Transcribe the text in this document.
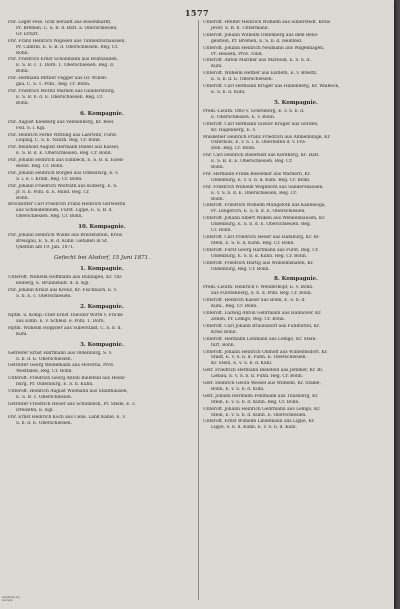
1577
Fhr. Legef Fess. Graf Beraldt aus Rosenmarkt,
Pr. Bremen, C. S. B. d. Batt. a. Oberschlesien,
Gr. Erfurt.
Fhr. Franz Heinrich Wigesen aus Tunnentschaussen,
Pr. Camrin, E. S. B. d. Oberschlesien. Reg. Cr.
Bonn.
Fhr. Friedrich Ernst Schönmann aus Bolzhauden,
E. S. B. c. 1. Dorn. 1. Oberschlesien. Reg. d.
Bonn.
Fhr. Hermann Bittner Fägger aus Gr. Willen-
gau, C. S. 1. Pöhl., Reg. Cr. Bonn.
Fhr. Friedrich Moritz Marxen aus Gunderzburg,
E. S. B. b. d. E. Oberschlesien. Reg. Cr.
Bonn.
6. Kompagnie.
Fhr. August Kleeberg aus Vennenberg, Kr. Beel.
Fsd. S. i. Kgl.
Fhr. Heinrich Ferne Wittling aus Laerwitz, Fürst.
Leipzig, C. S. b. Nauth. Reg. Cr. Bonn.
Fhr. Reinhold August Hermann Riebel aus Kassel,
E. S. B. d. E. Oberschlesien. Reg. Cr. Bonn.
Fhr. Johann Heinrich aus Eimbeck, E. S. B. d. Eisen-
Reine. Reg. Cr. Bonn.
Fhr. Johann Heinrich Borgen aus Oldenburg, E. v.
S. i. e. l. Kram. Reg. Cr. Bonn.
Fhr. Johann Friedrich Wolfrath aus Kolberg, E. S.
Jr. S. b. Pöhl. d. E. Bund. Reg. Cr.
Bonn.
Brocksitter Carl Friedrich Franz Heinrich Gerwestin
aus Schleidenheim, Fürst. Lippe, E. S. B. d.
Oberschlesien. Reg. Cr. Bonn.
10. Kompagnie.
Fhr. Johann Heinrich Wiebe aus Breitenstein, Kreis
Breisgau, E. S. B. d. Kühn. Gefallen in St.
Quentin am 19. Jan. 1871.
Gefecht bei Alsdorf, 15 Juni 1871.
1. Kompagnie.
Unteroff. Wilhelm Hoffmann aus Düllingen, Kr. Till-
lenberg, E. Brunnstadt. d. b. Kgl.
Fhr. Johann Krauz aus Kreuz, Kr. Fischbach, E. v.
S. b. E. c. Oberschlesien.
2. Kompagnie.
Hptm. u. Komp.-Chef Ernst Theodor Wirth v. Fricke
aus Eimb. E. v. Schleiz. e. Pöhl. 1. Dorn.
Hptm. Wilhelm Hoppner aus Silberstadt, C. S. b. d.
Kühl.
3. Kompagnie.
Gefreiter Ernst Hartmann aus Oldenburg, S. v.
S. b. d. E. Oberschlesien.
Gefreiter Georg Weidemann aus Hoverna, Prov.
Westfalen, Reg. Cr. Bonn.
Unteroff. Friedrich Georg Anton Bielefeld aus Heinz-
burg, Pr. Oldenburg, E. S. b. Kühn.
Unteroff. Heinrich August Wiemann aus Stadthausen,
E. S. B. c. Oberschlesien.
Gefreiter Friedrich Heuer aus Schönbeck, Pr. Stede, E. v.
Dreizehn, E. Kgl.
Fhr. Ernst Heinrich Koch aus Celle, Land Kahle, E. v.
S. b. d. E. Oberschlesien.
Unteroff. Hfelter Heinrich Wilhelm aus Silberstedt, Kreis
Jever, S. B. b. Untermann.
Unteroff. Johann Wilhelm Oldenberg aus dem Bens-
gelstein, Pr. Bremen, E. S. b. d. Heinfeld.
Unteroff. Johann Heinrich Neumann aus Wagenhagen,
Pr. Heilsen, Prov. Tönd.
Unteroff. Anton Märdler aus Marnold, E. S. b. d.
Kühl.
Unteroff. Wilhelm Hettler aus Elsfleth, E. v. Bredtz,
E. S. b. d. E. Oberschlesien.
Unteroff. Carl Hermann Krüger aus Hallenberg, Kr. Walbeck,
E. S. b. d. Kühl.
5. Kompagnie.
Prem.-Lieutn. Otto v. Schreiberg, E. v. S. b. d.
E. Oberschlesien, E. v. Bonn.
Unteroff. Carl Hermann Gustav Krüger aus Gerden,
Kr. Hagenberg, E. v.
Musketier Heinrich Franz Friedrich aus Allmenhinge, Kr.
Osterholz, E. v. S. i. b. Oberleiten d. v. Fra-
sten. Reg. Cr. Bonn.
Fhr. Carl Heinrich Bielefeldt aus Kerdherg, Kr. Harl.
E. S. B. d. E. Oberschlesien. Reg. Cr.
Bonn.
Fhr. Hermann Frank Bessemer aus Wärnern, Kr.
Oldenburg, E. v. S. b. d. Kühl. Reg. Cr. Bonn.
Fhr. Friedrich Wilhelm Wegehorn aus Sandershausen,
E. v. S. b. d. E. Oberschlesien, Reg. Cr.
Bonn.
Unteroff. Friedrich Wilhelm Müngeloth aus Kanneloga,
Pr. Lengerich, E. S. b. d. E. Oberschlesien.
Unteroff. Johann Albert Wilken aus Wehnenhausen, Kr.
Oldenburg, E. S. b. d. E. Oberschlesien. Reg.
Cr. Bonn.
Unteroff. Carl Friedrich Heuer aus Hamburg, Kr. Ri-
nteln, E. S. b. d. Kühn. Reg. Cr. Bonn.
Unteroff. Fürst Georg Hartmann aus Fürst, Reg. Cr.
Oldenburg, E. S. b. d. Kühn. Reg. Cr. Bonn.
Unteroff. Friedrich Hartig aus Wilhelmshafen, Kr.
Oldenburg, Reg. Cr. Bonn.
8. Kompagnie.
Prem.-Lieutn. Heinrich v. Wedderkopf, E. v. Bonn.
aus Fürstenberg, S. b. d. Pöhl. Reg. Cr. Bonn.
Unteroff. Heinrich Kaiser aus Bonn, E. S. b. d.
Kühl., Reg. Cr. Bonn.
Unteroff. Ludwig Anton Gehrmann aus Hannover, Kr.
Zellen, Pr. Lemgo, Reg. Cr. Bonn.
Unteroff. Carl Johann Braunsdorf aus Fuhlbüttel, Kr.
Kreis Bonn.
Unteroff. Hermann Lohmann aus Lemgo, Kr. Stein-
furt, Bonn.
Unteroff. Johann Heinrich Oldhoff aus Wilhelmsdorf, Kr.
Stadt, E. v. S. b. d. Fuhn. E. Oberschlesien.
Kr. Stein, E. v. S. b. d. Kühl.
Gefr. Friedrich Hermann Bielefeld aus Jemmer, Kr. Bl.
Liebau, E. v. S. b. d. Fuhn. Reg. Cr. Bonn.
Gefr. Heinrich Geora Wessel aus Wilhelm, Kr. Stalbe,
Bonn, E. v. S. b. d. Kühl.
Gefr. Johann Hermann Fehlmann aus Thalsberg, Kr.
Stein, E. v. S. b. d. Kühn. Reg. Cr. Bonn.
Unteroff. Johann Heinrich Gehrmann aus Lemgo, Kr.
Stein, E. v. S. b. d. Kühn. E. Oberschlesien.
Unteroff. Ernst Wilhelm Lindemann aus Lippe, Kr.
Lippe, S. b. d. Kühn. E. v. S. b. d. Kühl.
Digitized by Google
